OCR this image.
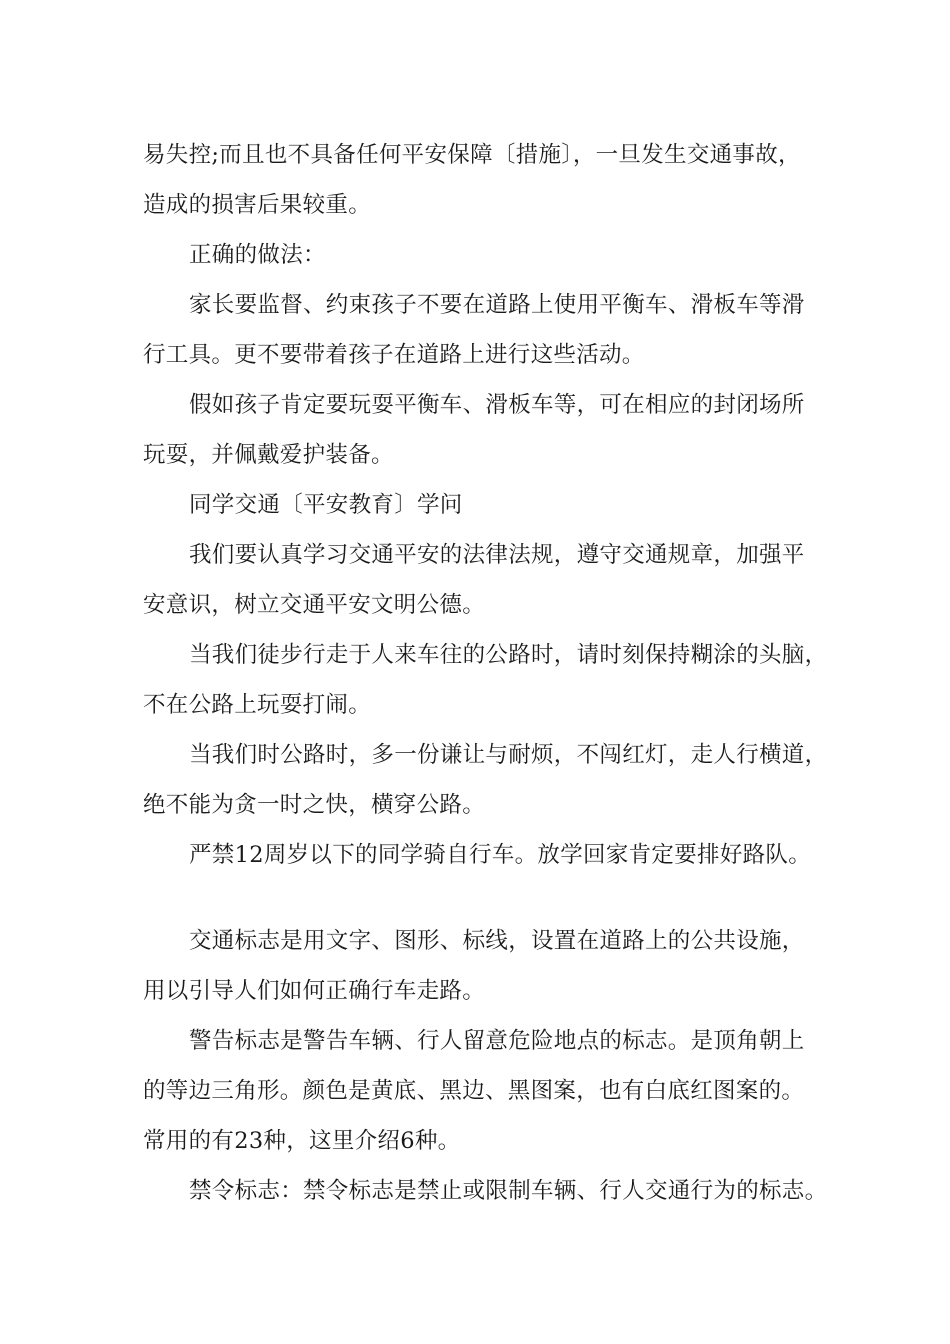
易失控;而且也不具备任何平安保障〔措施〕，一旦发生交通事故，
造成的损害后果较重。
正确的做法：
家长要监督、约束孩子不要在道路上使用平衡车、滑板车等滑
行工具。更不要带着孩子在道路上进行这些活动。
假如孩子肯定要玩耍平衡车、滑板车等，可在相应的封闭场所
玩耍，并佩戴爱护装备。
同学交通〔平安教育〕学问
我们要认真学习交通平安的法律法规，遵守交通规章，加强平
安意识，树立交通平安文明公德。
当我们徒步行走于人来车往的公路时，请时刻保持糊涂的头脑，
不在公路上玩耍打闹。
当我们时公路时，多一份谦让与耐烦，不闯红灯，走人行横道，
绝不能为贪一时之快，横穿公路。
严禁12周岁以下的同学骑自行车。放学回家肯定要排好路队。
交通标志是用文字、图形、标线，设置在道路上的公共设施，
用以引导人们如何正确行车走路。
警告标志是警告车辆、行人留意危险地点的标志。是顶角朝上
的等边三角形。颜色是黄底、黑边、黑图案，也有白底红图案的。
常用的有23种，这里介绍6种。
禁令标志：禁令标志是禁止或限制车辆、行人交通行为的标志。
